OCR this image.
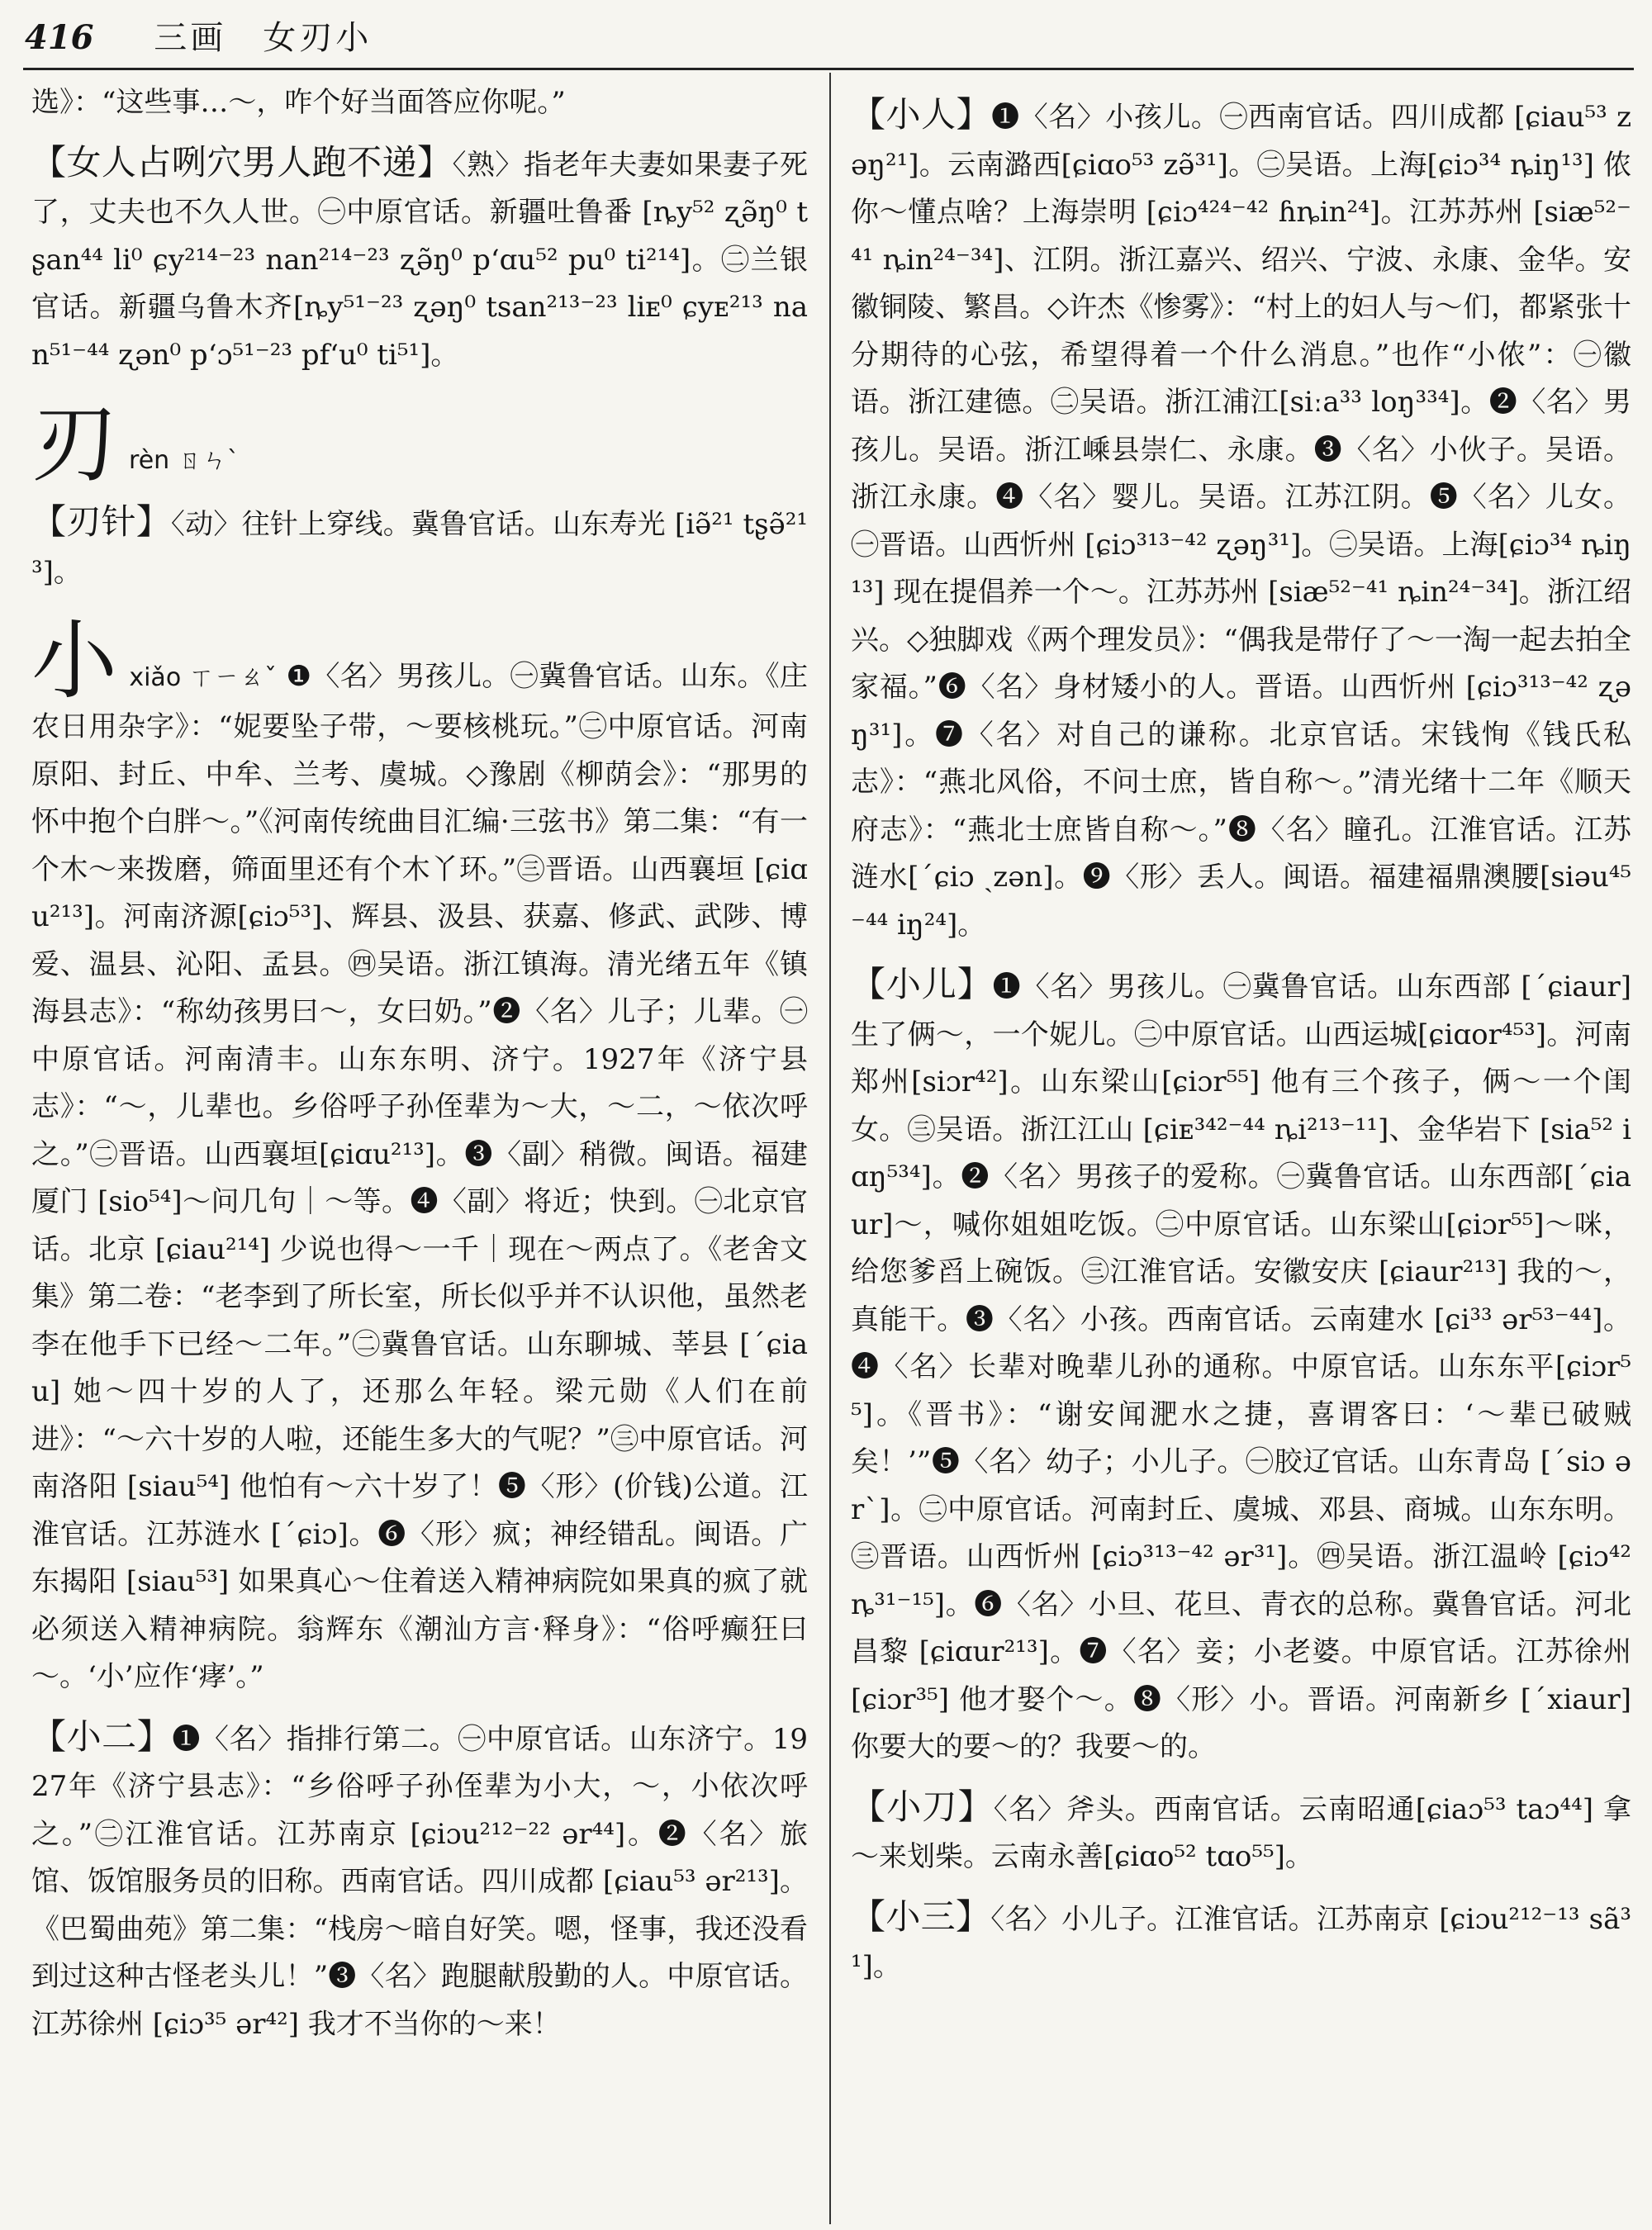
416 三画　女刃小

选》：“这些事…～，咋个好当面答应你呢。”

【女人占咧穴男人跑不递】〈熟〉指老年夫妻如果妻子死了，丈夫也不久人世。㊀中原官话。新疆吐鲁番 [ȵy⁵² ʐə̃ŋ⁰ tʂan⁴⁴ li⁰ ɕy²¹⁴⁻²³ nan²¹⁴⁻²³ ʐə̃ŋ⁰ pʻɑu⁵² pu⁰ ti²¹⁴]。㊁兰银官话。新疆乌鲁木齐[ȵy⁵¹⁻²³ ʐəŋ⁰ tsan²¹³⁻²³ liᴇ⁰ ɕyᴇ²¹³ nan⁵¹⁻⁴⁴ ʐən⁰ pʻɔ⁵¹⁻²³ pfʻu⁰ ti⁵¹]。

刃rèn ㄖㄣˋ

【刃针】〈动〉往针上穿线。冀鲁官话。山东寿光 [iə̃²¹ tʂə̃²¹³]。

小xiǎo ㄒㄧㄠˇ ❶〈名〉男孩儿。㊀冀鲁官话。山东。《庄农日用杂字》：“妮要坠子带，～要核桃玩。”㊁中原官话。河南原阳、封丘、中牟、兰考、虞城。◇豫剧《柳荫会》：“那男的怀中抱个白胖～。”《河南传统曲目汇编·三弦书》第二集：“有一个木～来拨磨，筛面里还有个木丫环。”㊂晋语。山西襄垣 [ɕiɑu²¹³]。河南济源[ɕiɔ⁵³]、辉县、汲县、获嘉、修武、武陟、博爱、温县、沁阳、孟县。㊃吴语。浙江镇海。清光绪五年《镇海县志》：“称幼孩男曰～，女曰奶。”❷〈名〉儿子；儿辈。㊀中原官话。河南清丰。山东东明、济宁。1927年《济宁县志》：“～，儿辈也。乡俗呼子孙侄辈为～大，～二，～依次呼之。”㊁晋语。山西襄垣[ɕiɑu²¹³]。❸〈副〉稍微。闽语。福建厦门 [sio⁵⁴]～问几句｜～等。❹〈副〉将近；快到。㊀北京官话。北京 [ɕiau²¹⁴] 少说也得～一千｜现在～两点了。《老舍文集》第二卷：“老李到了所长室，所长似乎并不认识他，虽然老李在他手下已经～二年。”㊁冀鲁官话。山东聊城、莘县 [ˊɕiau] 她～四十岁的人了，还那么年轻。梁元勋《人们在前进》：“～六十岁的人啦，还能生多大的气呢？”㊂中原官话。河南洛阳 [siau⁵⁴] 他怕有～六十岁了！❺〈形〉(价钱)公道。江淮官话。江苏涟水 [ˊɕiɔ]。❻〈形〉疯；神经错乱。闽语。广东揭阳 [siau⁵³] 如果真心～住着送入精神病院如果真的疯了就必须送入精神病院。翁辉东《潮汕方言·释身》：“俗呼癫狂曰～。‘小’应作‘痚’。”

【小二】❶〈名〉指排行第二。㊀中原官话。山东济宁。1927年《济宁县志》：“乡俗呼子孙侄辈为小大，～，小依次呼之。”㊁江淮官话。江苏南京 [ɕiɔu²¹²⁻²² ər⁴⁴]。❷〈名〉旅馆、饭馆服务员的旧称。西南官话。四川成都 [ɕiau⁵³ ər²¹³]。《巴蜀曲苑》第二集：“栈房～暗自好笑。嗯，怪事，我还没看到过这种古怪老头儿！”❸〈名〉跑腿献殷勤的人。中原官话。江苏徐州 [ɕiɔ³⁵ ər⁴²] 我才不当你的～来！

【小人】❶〈名〉小孩儿。㊀西南官话。四川成都 [ɕiau⁵³ zəŋ²¹]。云南潞西[ɕiɑo⁵³ zə̃³¹]。㊁吴语。上海[ɕiɔ³⁴ ȵiŋ¹³] 侬你～懂点啥？上海崇明 [ɕiɔ⁴²⁴⁻⁴² ɦȵin²⁴]。江苏苏州 [siæ⁵²⁻⁴¹ ȵin²⁴⁻³⁴]、江阴。浙江嘉兴、绍兴、宁波、永康、金华。安徽铜陵、繁昌。◇许杰《惨雾》：“村上的妇人与～们，都紧张十分期待的心弦，希望得着一个什么消息。”也作“小侬”：㊀徽语。浙江建德。㊁吴语。浙江浦江[siːa³³ loŋ³³⁴]。❷〈名〉男孩儿。吴语。浙江嵊县崇仁、永康。❸〈名〉小伙子。吴语。浙江永康。❹〈名〉婴儿。吴语。江苏江阴。❺〈名〉儿女。㊀晋语。山西忻州 [ɕiɔ³¹³⁻⁴² ʐəŋ³¹]。㊁吴语。上海[ɕiɔ³⁴ ȵiŋ¹³] 现在提倡养一个～。江苏苏州 [siæ⁵²⁻⁴¹ ȵin²⁴⁻³⁴]。浙江绍兴。◇独脚戏《两个理发员》：“偶我是带仔了～一淘一起去拍全家福。”❻〈名〉身材矮小的人。晋语。山西忻州 [ɕiɔ³¹³⁻⁴² ʐəŋ³¹]。❼〈名〉对自己的谦称。北京官话。宋钱恂《钱氏私志》：“燕北风俗，不问士庶，皆自称～。”清光绪十二年《顺天府志》：“燕北士庶皆自称～。”❽〈名〉瞳孔。江淮官话。江苏涟水[ˊɕiɔ ˏzən]。❾〈形〉丢人。闽语。福建福鼎澳腰[siəu⁴⁵⁻⁴⁴ iŋ²⁴]。

【小儿】❶〈名〉男孩儿。㊀冀鲁官话。山东西部 [ˊɕiaur] 生了俩～，一个妮儿。㊁中原官话。山西运城[ɕiɑor⁴⁵³]。河南郑州[siɔr⁴²]。山东梁山[ɕiɔr⁵⁵] 他有三个孩子，俩～一个闺女。㊂吴语。浙江江山 [ɕiᴇ³⁴²⁻⁴⁴ ȵi²¹³⁻¹¹]、金华岩下 [sia⁵² iɑŋ⁵³⁴]。❷〈名〉男孩子的爱称。㊀冀鲁官话。山东西部[ˊɕiaur]～，喊你姐姐吃饭。㊁中原官话。山东梁山[ɕiɔr⁵⁵]～咪，给您爹舀上碗饭。㊂江淮官话。安徽安庆 [ɕiaur²¹³] 我的～，真能干。❸〈名〉小孩。西南官话。云南建水 [ɕi³³ ər⁵³⁻⁴⁴]。❹〈名〉长辈对晚辈儿孙的通称。中原官话。山东东平[ɕiɔr⁵⁵]。《晋书》：“谢安闻淝水之捷，喜谓客曰：‘～辈已破贼矣！’”❺〈名〉幼子；小儿子。㊀胶辽官话。山东青岛 [ˊsiɔ ərˋ]。㊁中原官话。河南封丘、虞城、邓县、商城。山东东明。㊂晋语。山西忻州 [ɕiɔ³¹³⁻⁴² ər³¹]。㊃吴语。浙江温岭 [ɕiɔ⁴² ȵ³¹⁻¹⁵]。❻〈名〉小旦、花旦、青衣的总称。冀鲁官话。河北昌黎 [ɕiɑur²¹³]。❼〈名〉妾；小老婆。中原官话。江苏徐州 [ɕiɔr³⁵] 他才娶个～。❽〈形〉小。晋语。河南新乡 [ˊxiaur] 你要大的要～的？我要～的。

【小刀】〈名〉斧头。西南官话。云南昭通[ɕiaɔ⁵³ taɔ⁴⁴] 拿～来划柴。云南永善[ɕiɑo⁵² tɑo⁵⁵]。

【小三】〈名〉小儿子。江淮官话。江苏南京 [ɕiɔu²¹²⁻¹³ sã³¹]。
